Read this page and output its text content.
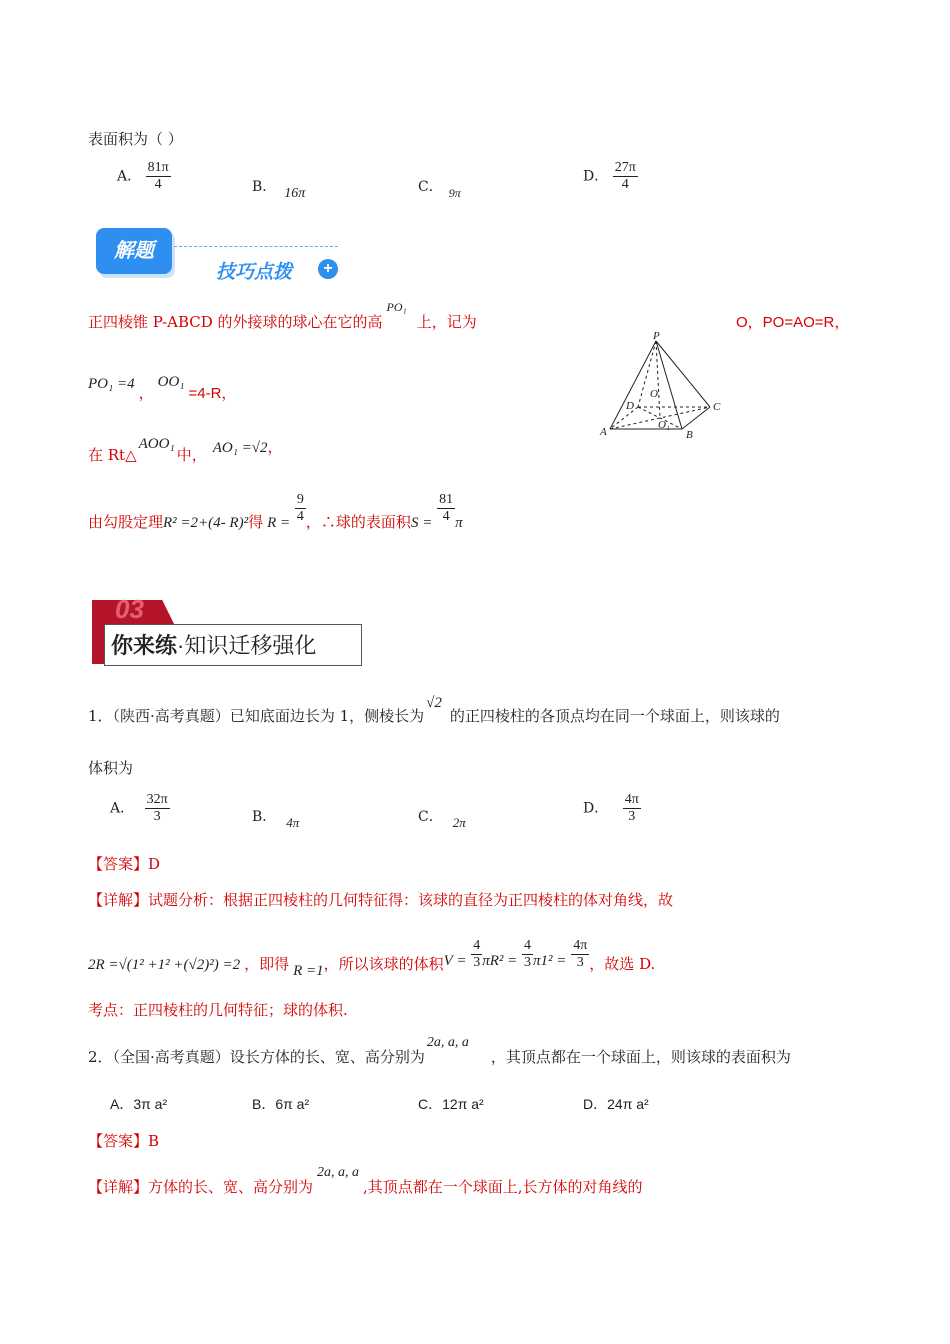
表面积为（ ）
A． $\frac{81\pi}{4}$	B． 16π	C． 9π
D． $\frac{27\pi}{4}$
解题
技巧点拨	+
正四棱锥 P-ABCD 的外接球的球心在它的高$^{PO_1}$上，记为	O，PO=AO=R，
PO₁ =4 ，OO₁=4-R，
在 Rt△AOO₁中， AO₁ =√2，
由勾股定理R² =2+(4- R)²得 $R = \frac{9}{4}$ ，∴球的表面积$S = \frac{81}{4}$ π
P
D
O
C
A
O₁
B
03
你来练·知识迁移强化
1．（陕西·高考真题）已知底面边长为 1，侧棱长为√2的正四棱柱的各顶点均在同一个球面上，则该球的
体积为
A． $\frac{32\pi}{3}$	B． 4π	C． 2π
D． $\frac{4\pi}{3}$
【答案】D
【详解】试题分析：根据正四棱柱的几何特征得：该球的直径为正四棱柱的体对角线，故
2R =√(1² +1² +(√2)²) =2 ，即得 R =1，所以该球的体积$V = \frac{4}{3} \pi R^2 = \frac{4}{3} \pi 1^2 = \frac{4\pi}{3}$ ，故选 D.
考点：正四棱柱的几何特征；球的体积.
2．（全国·高考真题）设长方体的长、宽、高分别为2a, a, a，其顶点都在一个球面上，则该球的表面积为
A．3π a²	B．6π a²	C．12π a²	D．24π a²
【答案】B
【详解】方体的长、宽、高分别为2a, a, a,其顶点都在一个球面上,长方体的对角线的
